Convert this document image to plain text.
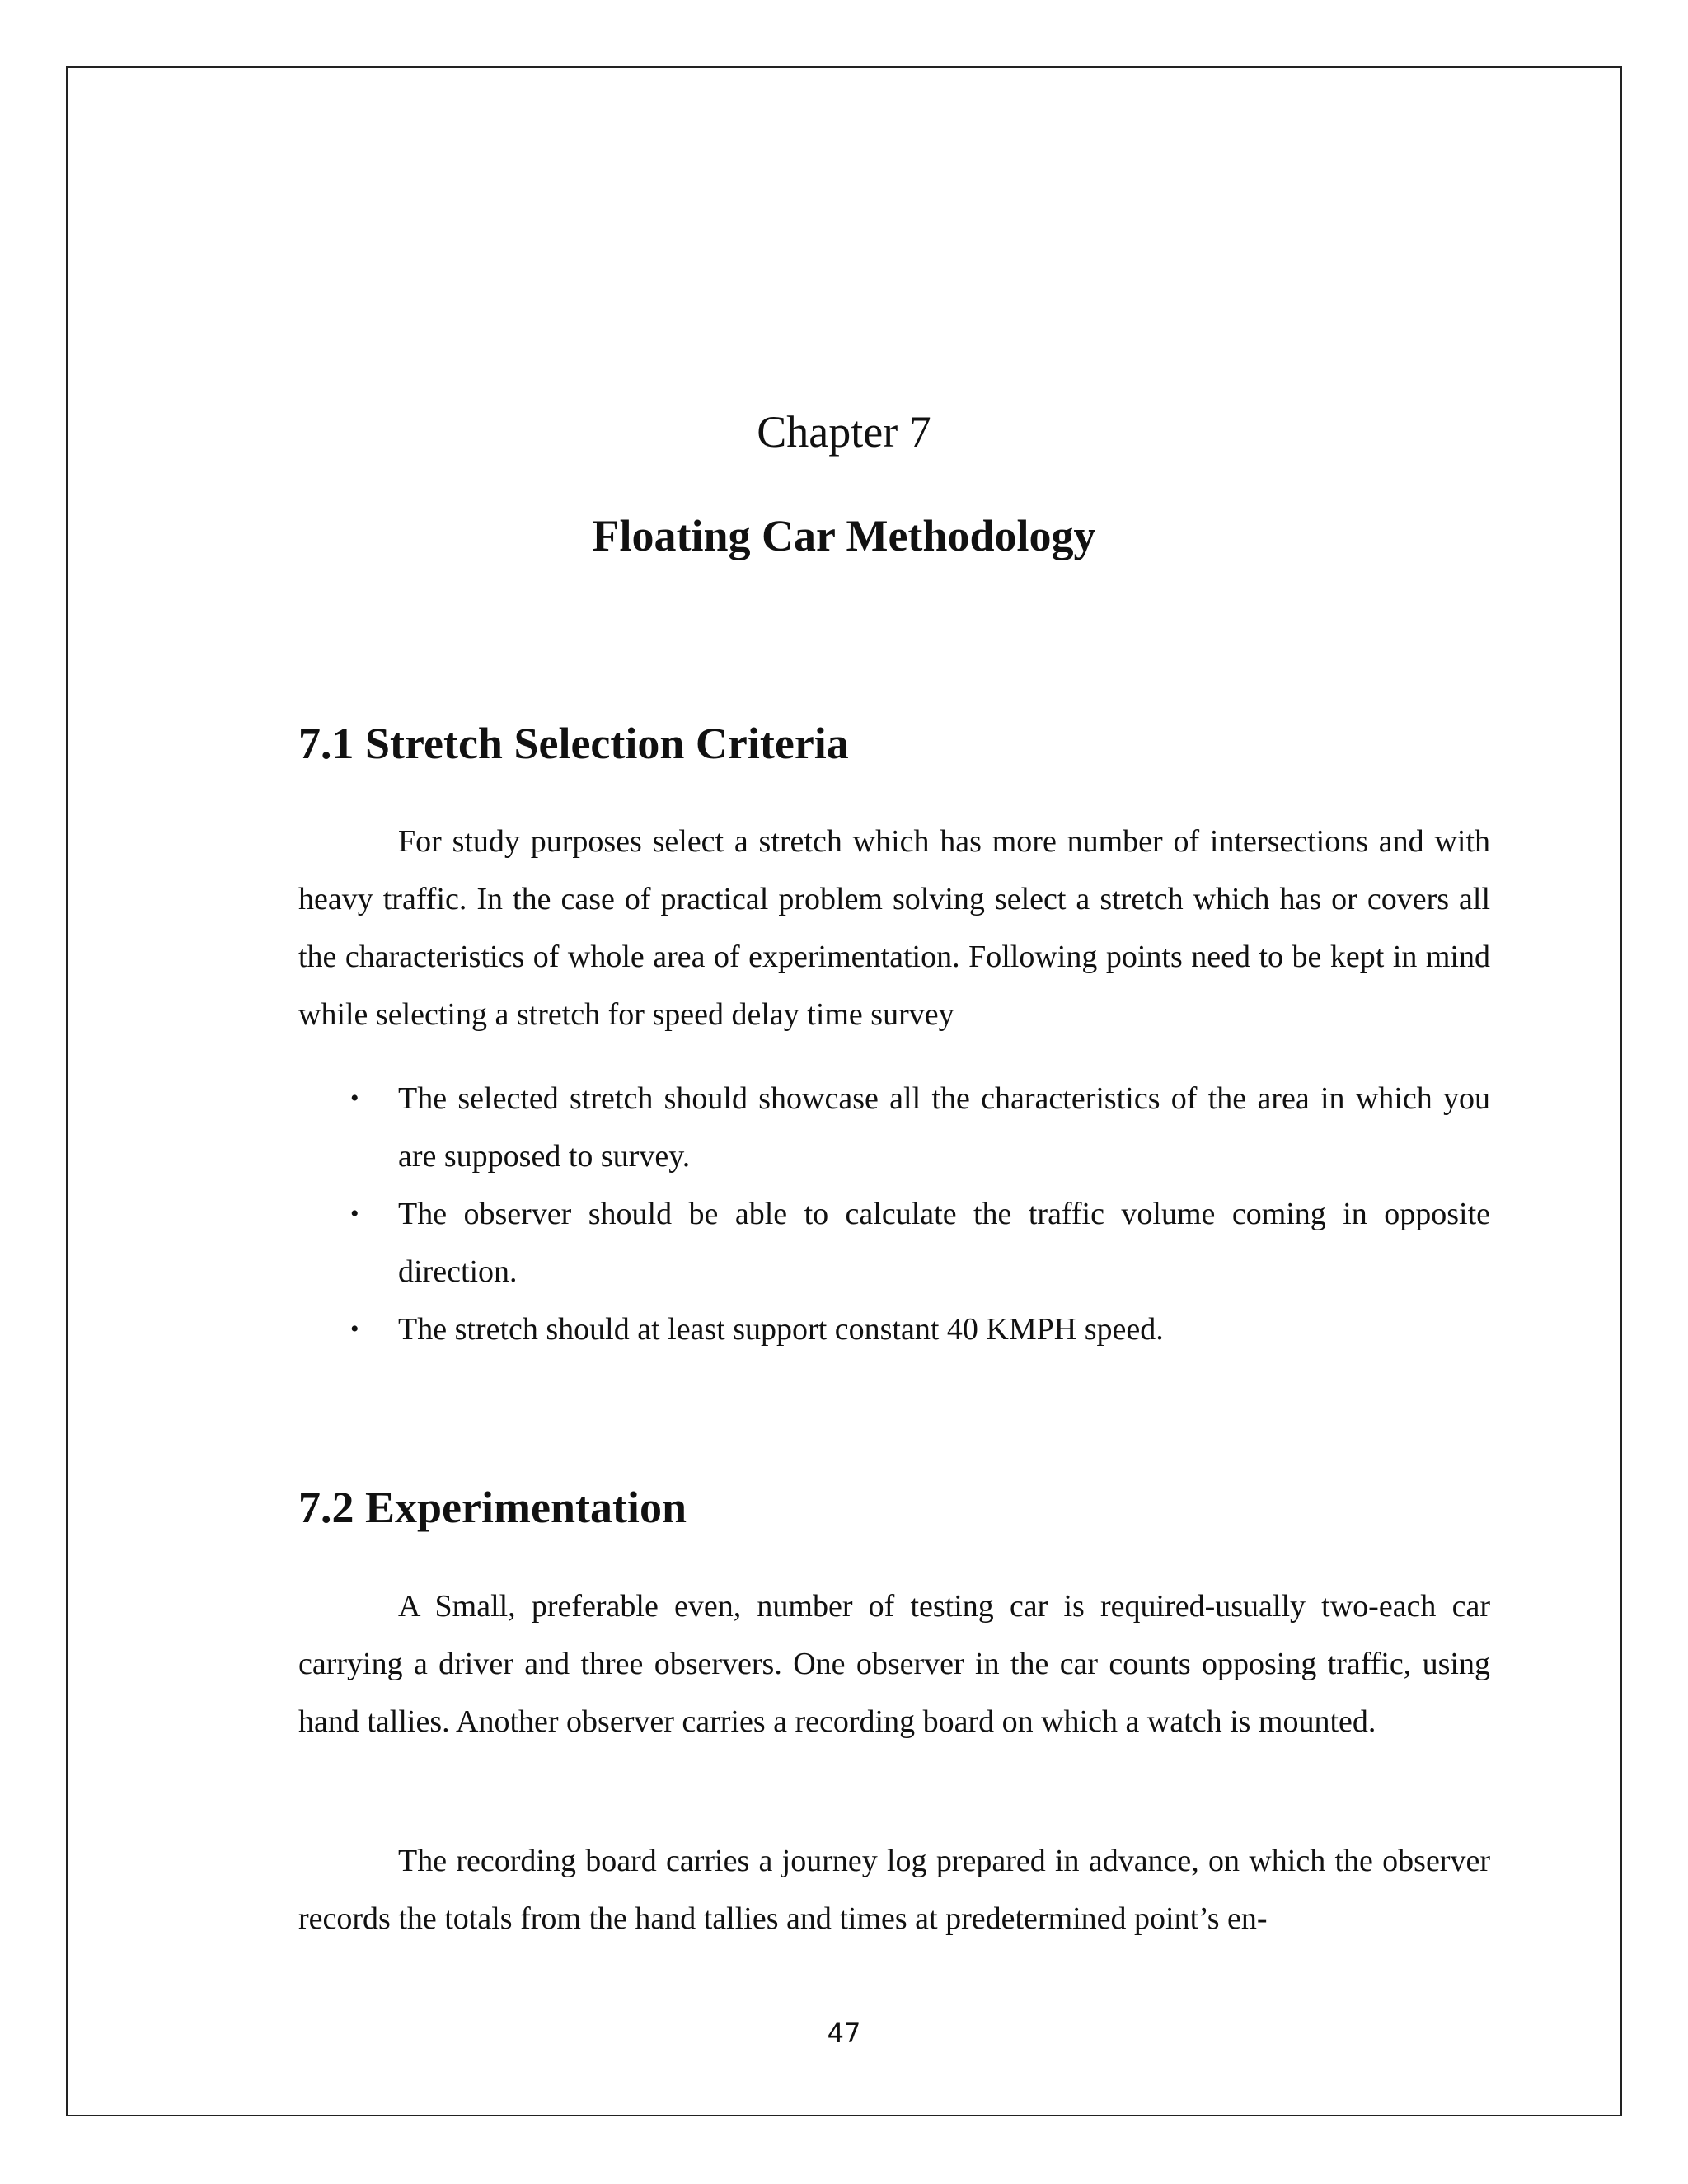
Chapter 7
Floating Car Methodology
7.1 Stretch Selection Criteria

For study purposes select a stretch which has more number of intersections and with heavy traffic. In the case of practical problem solving select a stretch which has or covers all the characteristics of whole area of experimentation. Following points need to be kept in mind while selecting a stretch for speed delay time survey

• The selected stretch should showcase all the characteristics of the area in which you are supposed to survey.
• The observer should be able to calculate the traffic volume coming in opposite direction.
• The stretch should at least support constant 40 KMPH speed.
7.2 Experimentation

A Small, preferable even, number of testing car is required-usually two-each car carrying a driver and three observers. One observer in the car counts opposing traffic, using hand tallies. Another observer carries a recording board on which a watch is mounted.

The recording board carries a journey log prepared in advance, on which the observer records the totals from the hand tallies and times at predetermined point’s en-

47
